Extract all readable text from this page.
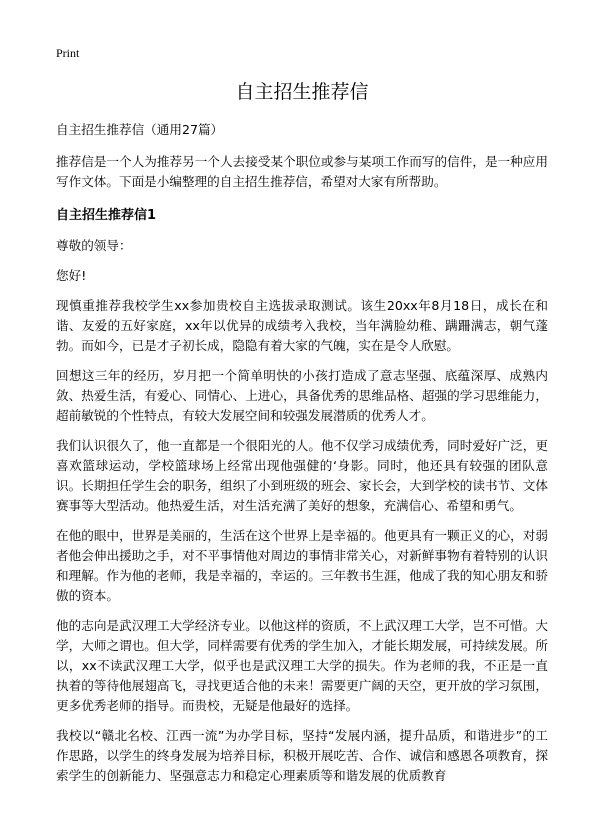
Print
自主招生推荐信

自主招生推荐信（通用27篇）

推荐信是一个人为推荐另一个人去接受某个职位或参与某项工作而写的信件，是一种应用写作文体。下面是小编整理的自主招生推荐信，希望对大家有所帮助。

自主招生推荐信1

尊敬的领导：

您好!

现慎重推荐我校学生xx参加贵校自主选拔录取测试。该生20xx年8月18日，成长在和谐、友爱的五好家庭，xx年以优异的成绩考入我校，当年满脸幼稚、蹒跚满志，朝气蓬勃。而如今，已是才子初长成，隐隐有着大家的气魄，实在是令人欣慰。

回想这三年的经历，岁月把一个简单明快的小孩打造成了意志坚强、底蕴深厚、成熟内敛、热爱生活，有爱心、同情心、上进心，具备优秀的思维品格、超强的学习思维能力，超前敏锐的个性特点，有较大发展空间和较强发展潜质的优秀人才。

我们认识很久了，他一直都是一个很阳光的人。他不仅学习成绩优秀，同时爱好广泛，更喜欢篮球运动，学校篮球场上经常出现他强健的‘身影。同时，他还具有较强的团队意识。长期担任学生会的职务，组织了小到班级的班会、家长会，大到学校的读书节、文体赛事等大型活动。他热爱生活，对生活充满了美好的想象，充满信心、希望和勇气。

在他的眼中，世界是美丽的，生活在这个世界上是幸福的。他更具有一颗正义的心，对弱者他会伸出援助之手，对不平事情他对周边的事情非常关心，对新鲜事物有着特别的认识和理解。作为他的老师，我是幸福的，幸运的。三年教书生涯，他成了我的知心朋友和骄傲的资本。

他的志向是武汉理工大学经济专业。以他这样的资质，不上武汉理工大学，岂不可惜。大学，大师之谓也。但大学，同样需要有优秀的学生加入，才能长期发展，可持续发展。所以，xx不读武汉理工大学，似乎也是武汉理工大学的损失。作为老师的我，不正是一直执着的等待他展翅高飞，寻找更适合他的未来！需要更广阔的天空，更开放的学习氛围，更多优秀老师的指导。而贵校，无疑是他最好的选择。

我校以“赣北名校、江西一流”为办学目标，坚持“发展内涵，提升品质，和谐进步”的工作思路，以学生的终身发展为培养目标，积极开展吃苦、合作、诚信和感恩各项教育，探索学生的创新能力、坚强意志力和稳定心理素质等和谐发展的优质教育
